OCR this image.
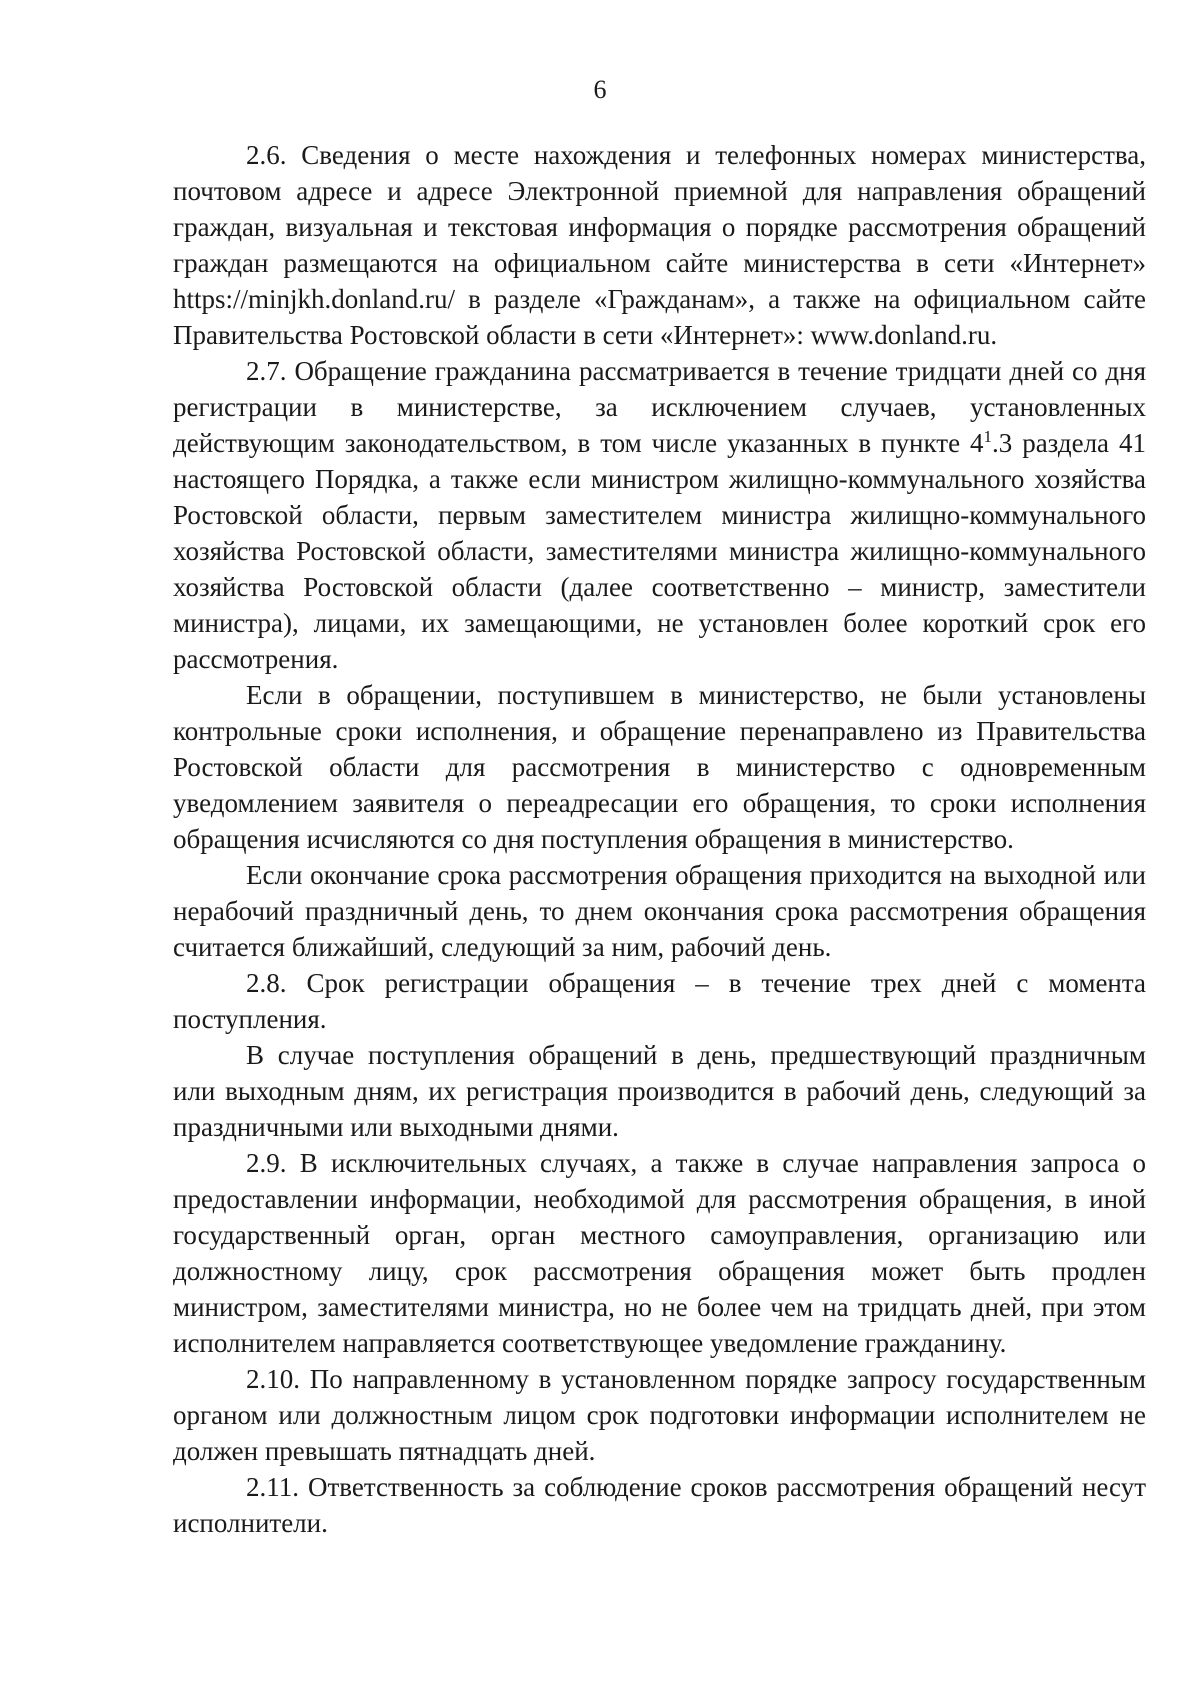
6

2.6. Сведения о месте нахождения и телефонных номерах министерства, почтовом адресе и адресе Электронной приемной для направления обращений граждан, визуальная и текстовая информация о порядке рассмотрения обращений граждан размещаются на официальном сайте министерства в сети «Интернет» https://minjkh.donland.ru/ в разделе «Гражданам», а также на официальном сайте Правительства Ростовской области в сети «Интернет»: www.donland.ru.

2.7. Обращение гражданина рассматривается в течение тридцати дней со дня регистрации в министерстве, за исключением случаев, установленных действующим законодательством, в том числе указанных в пункте $4^1.3$ раздела 41 настоящего Порядка, а также если министром жилищно-коммунального хозяйства Ростовской области, первым заместителем министра жилищно-коммунального хозяйства Ростовской области, заместителями министра жилищно-коммунального хозяйства Ростовской области (далее соответственно – министр, заместители министра), лицами, их замещающими, не установлен более короткий срок его рассмотрения.

Если в обращении, поступившем в министерство, не были установлены контрольные сроки исполнения, и обращение перенаправлено из Правительства Ростовской области для рассмотрения в министерство с одновременным уведомлением заявителя о переадресации его обращения, то сроки исполнения обращения исчисляются со дня поступления обращения в министерство.

Если окончание срока рассмотрения обращения приходится на выходной или нерабочий праздничный день, то днем окончания срока рассмотрения обращения считается ближайший, следующий за ним, рабочий день.

2.8. Срок регистрации обращения – в течение трех дней с момента поступления.

В случае поступления обращений в день, предшествующий праздничным или выходным дням, их регистрация производится в рабочий день, следующий за праздничными или выходными днями.

2.9. В исключительных случаях, а также в случае направления запроса о предоставлении информации, необходимой для рассмотрения обращения, в иной государственный орган, орган местного самоуправления, организацию или должностному лицу, срок рассмотрения обращения может быть продлен министром, заместителями министра, но не более чем на тридцать дней, при этом исполнителем направляется соответствующее уведомление гражданину.

2.10. По направленному в установленном порядке запросу государственным органом или должностным лицом срок подготовки информации исполнителем не должен превышать пятнадцать дней.

2.11. Ответственность за соблюдение сроков рассмотрения обращений несут исполнители.
